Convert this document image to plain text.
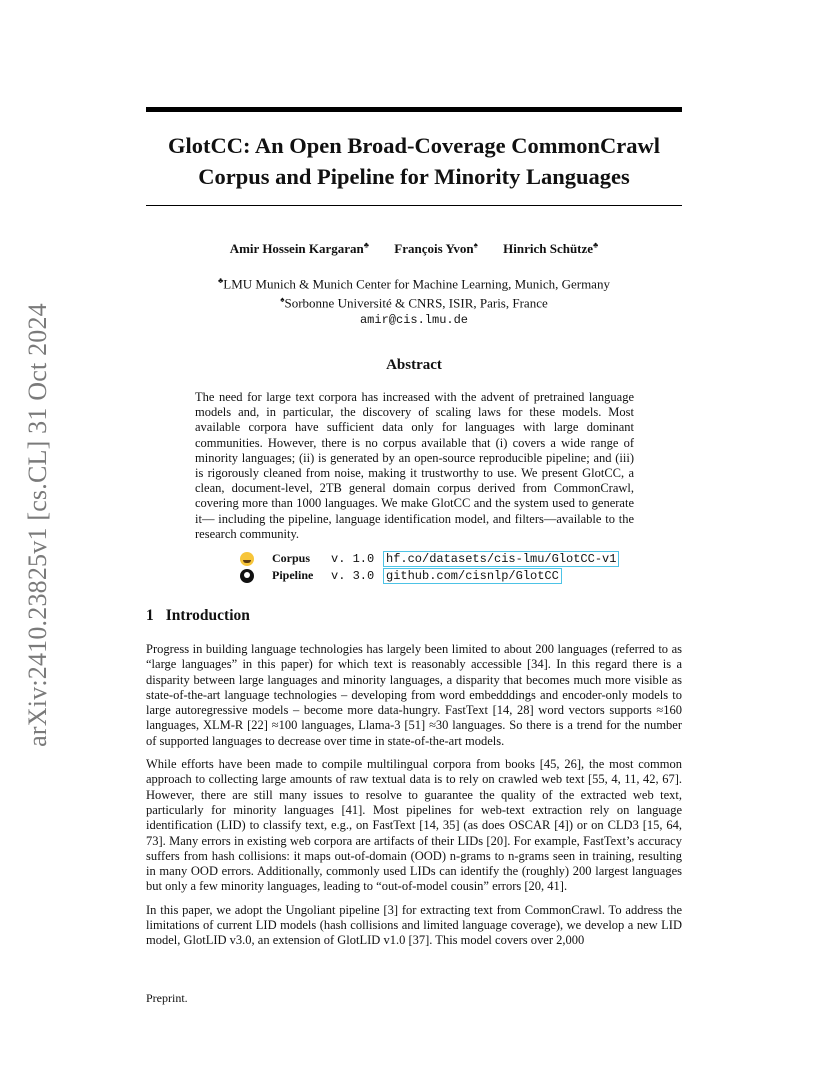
arXiv:2410.23825v1 [cs.CL] 31 Oct 2024
GlotCC: An Open Broad-Coverage CommonCrawl
Corpus and Pipeline for Minority Languages
Amir Hossein Kargaran♣ François Yvon♠ Hinrich Schütze♣
♣LMU Munich & Munich Center for Machine Learning, Munich, Germany
♠Sorbonne Université & CNRS, ISIR, Paris, France
amir@cis.lmu.de
Abstract

The need for large text corpora has increased with the advent of pretrained language models and, in particular, the discovery of scaling laws for these models. Most available corpora have sufficient data only for languages with large dominant communities. However, there is no corpus available that (i) covers a wide range of minority languages; (ii) is generated by an open-source reproducible pipeline; and (iii) is rigorously cleaned from noise, making it trustworthy to use. We present GlotCC, a clean, document-level, 2TB general domain corpus derived from CommonCrawl, covering more than 1000 languages. We make GlotCC and the system used to generate it— including the pipeline, language identification model, and filters—available to the research community.

Corpus	v. 1.0 hf.co/datasets/cis-lmu/GlotCC-v1
Pipeline	v. 3.0 github.com/cisnlp/GlotCC
1 Introduction

Progress in building language technologies has largely been limited to about 200 languages (referred to as “large languages” in this paper) for which text is reasonably accessible [34]. In this regard there is a disparity between large languages and minority languages, a disparity that becomes much more visible as state-of-the-art language technologies – developing from word embedddings and encoder-only models to large autoregressive models – become more data-hungry. FastText [14, 28] word vectors supports ≈160 languages, XLM-R [22] ≈100 languages, Llama-3 [51] ≈30 languages. So there is a trend for the number of supported languages to decrease over time in state-of-the-art models.

While efforts have been made to compile multilingual corpora from books [45, 26], the most common approach to collecting large amounts of raw textual data is to rely on crawled web text [55, 4, 11, 42, 67]. However, there are still many issues to resolve to guarantee the quality of the extracted web text, particularly for minority languages [41]. Most pipelines for web-text extraction rely on language identification (LID) to classify text, e.g., on FastText [14, 35] (as does OSCAR [4]) or on CLD3 [15, 64, 73]. Many errors in existing web corpora are artifacts of their LIDs [20]. For example, FastText’s accuracy suffers from hash collisions: it maps out-of-domain (OOD) n-grams to n-grams seen in training, resulting in many OOD errors. Additionally, commonly used LIDs can identify the (roughly) 200 largest languages but only a few minority languages, leading to “out-of-model cousin” errors [20, 41].

In this paper, we adopt the Ungoliant pipeline [3] for extracting text from CommonCrawl. To address the limitations of current LID models (hash collisions and limited language coverage), we develop a new LID model, GlotLID v3.0, an extension of GlotLID v1.0 [37]. This model covers over 2,000

Preprint.
